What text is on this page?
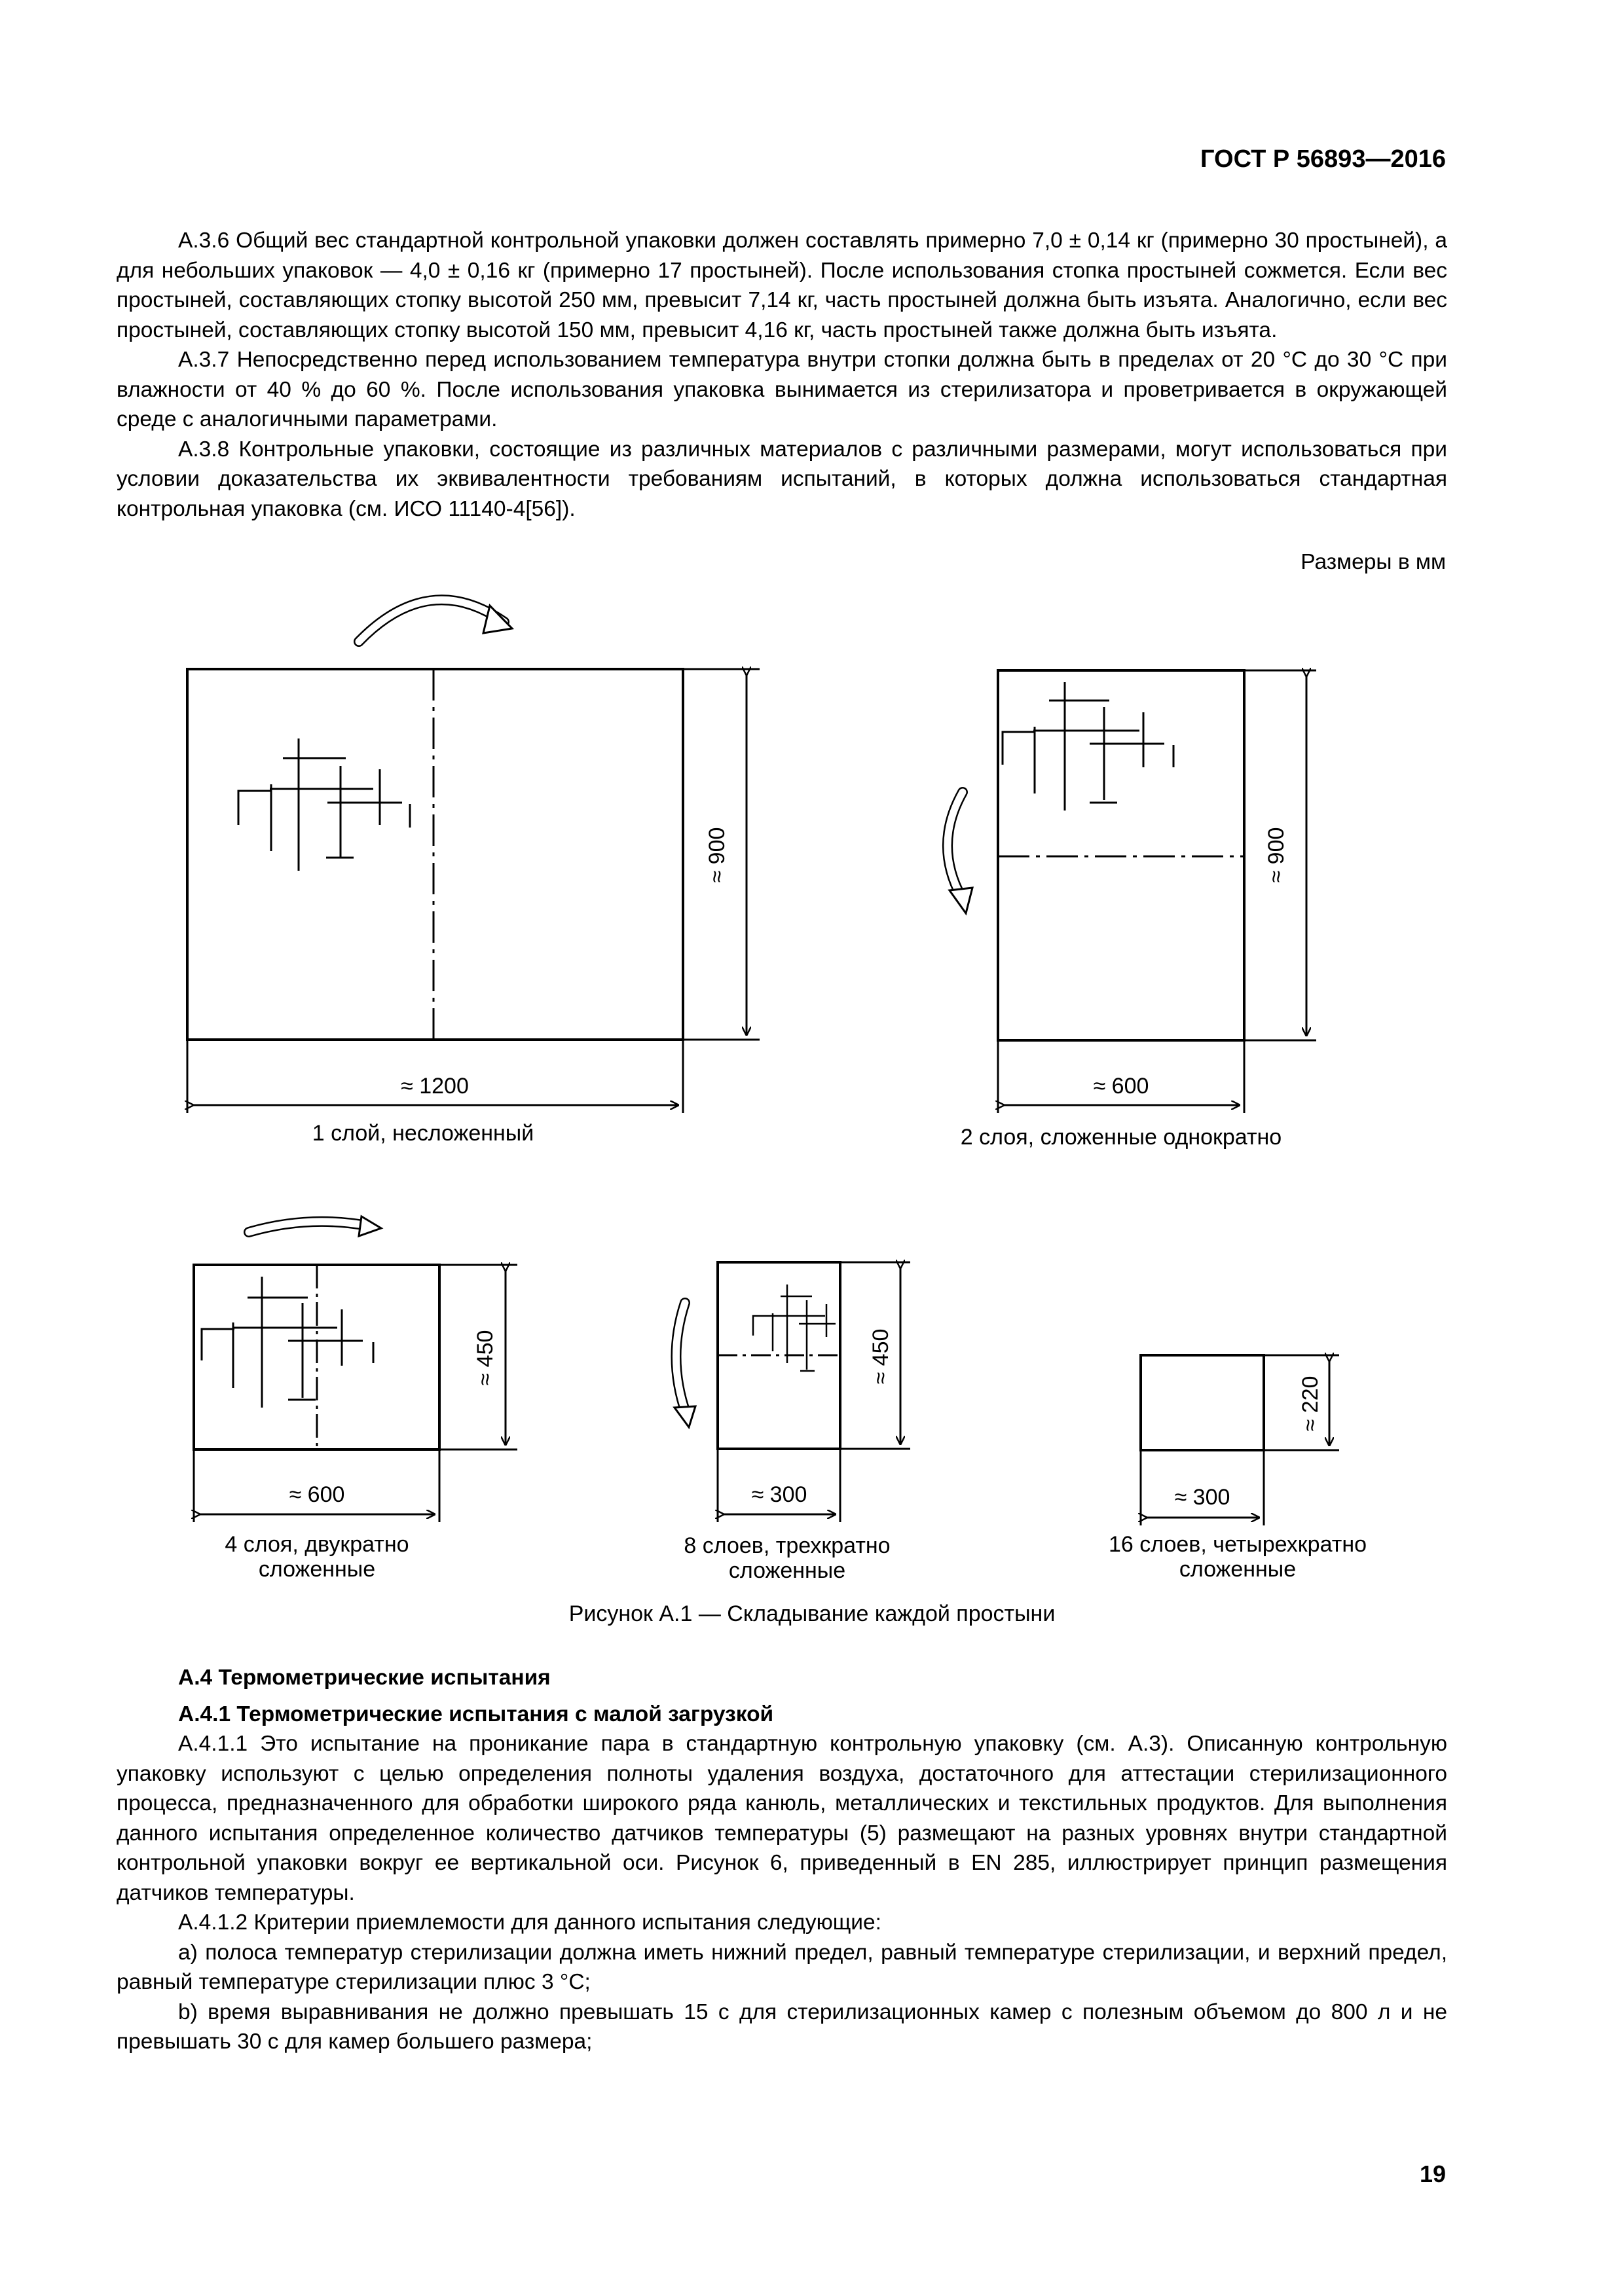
ГОСТ Р 56893—2016

А.3.6 Общий вес стандартной контрольной упаковки должен составлять примерно 7,0 ± 0,14 кг (примерно 30 простыней), а для небольших упаковок — 4,0 ± 0,16 кг (примерно 17 простыней). После использования стопка простыней сожмется. Если вес простыней, составляющих стопку высотой 250 мм, превысит 7,14 кг, часть простыней должна быть изъята. Аналогично, если вес простыней, составляющих стопку высотой 150 мм, превысит 4,16 кг, часть простыней также должна быть изъята.

А.3.7 Непосредственно перед использованием температура внутри стопки должна быть в пределах от 20 °С до 30 °С при влажности от 40 % до 60 %. После использования упаковка вынимается из стерилизатора и проветривается в окружающей среде с аналогичными параметрами.

А.3.8 Контрольные упаковки, состоящие из различных материалов с различными размерами, могут использоваться при условии доказательства их эквивалентности требованиям испытаний, в которых должна использоваться стандартная контрольная упаковка (см. ИСО 11140-4[56]).

Размеры в мм
≈ 1200
≈ 900
≈ 600
≈ 900
≈ 600
≈ 450
≈ 300
≈ 450
≈ 300
≈ 220
1 слой, несложенный	2 слоя, сложенные однократно
4 слоя, двукратно
сложенные
8 слоев, трехкратно
сложенные
16 слоев, четырехкратно
сложенные
Рисунок А.1 — Складывание каждой простыни

А.4 Термометрические испытания

А.4.1 Термометрические испытания с малой загрузкой

А.4.1.1 Это испытание на проникание пара в стандартную контрольную упаковку (см. А.3). Описанную контрольную упаковку используют с целью определения полноты удаления воздуха, достаточного для аттестации стерилизационного процесса, предназначенного для обработки широкого ряда канюль, металлических и текстильных продуктов. Для выполнения данного испытания определенное количество датчиков температуры (5) размещают на разных уровнях внутри стандартной контрольной упаковки вокруг ее вертикальной оси. Рисунок 6, приведенный в EN 285, иллюстрирует принцип размещения датчиков температуры.

А.4.1.2 Критерии приемлемости для данного испытания следующие:

а) полоса температур стерилизации должна иметь нижний предел, равный температуре стерилизации, и верхний предел, равный температуре стерилизации плюс 3 °С;

b) время выравнивания не должно превышать 15 с для стерилизационных камер с полезным объемом до 800 л и не превышать 30 с для камер большего размера;

19
